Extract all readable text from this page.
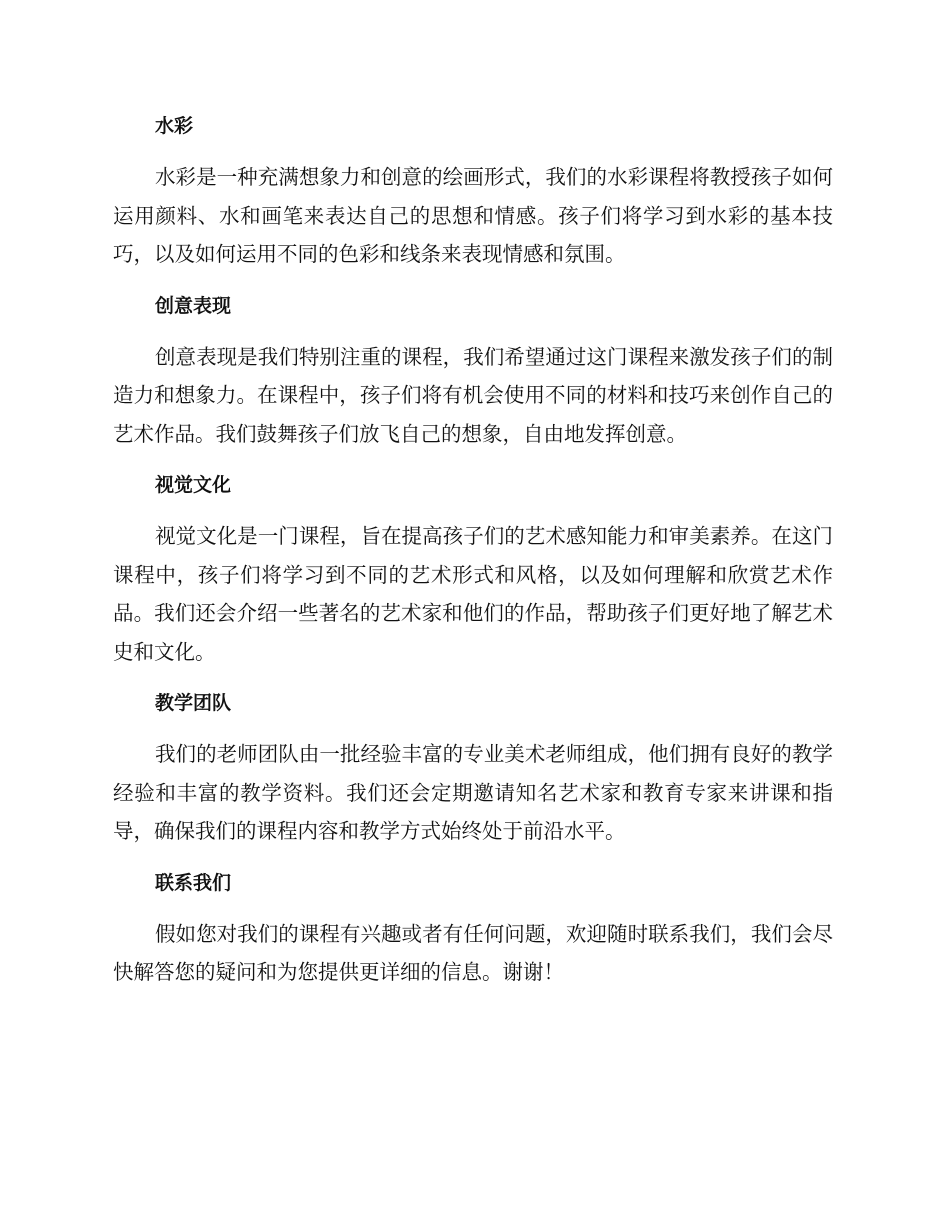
水彩

水彩是一种充满想象力和创意的绘画形式，我们的水彩课程将教授孩子如何运用颜料、水和画笔来表达自己的思想和情感。孩子们将学习到水彩的基本技巧，以及如何运用不同的色彩和线条来表现情感和氛围。

创意表现

创意表现是我们特别注重的课程，我们希望通过这门课程来激发孩子们的制造力和想象力。在课程中，孩子们将有机会使用不同的材料和技巧来创作自己的艺术作品。我们鼓舞孩子们放飞自己的想象，自由地发挥创意。

视觉文化

视觉文化是一门课程，旨在提高孩子们的艺术感知能力和审美素养。在这门课程中，孩子们将学习到不同的艺术形式和风格，以及如何理解和欣赏艺术作品。我们还会介绍一些著名的艺术家和他们的作品，帮助孩子们更好地了解艺术史和文化。

教学团队

我们的老师团队由一批经验丰富的专业美术老师组成，他们拥有良好的教学经验和丰富的教学资料。我们还会定期邀请知名艺术家和教育专家来讲课和指导，确保我们的课程内容和教学方式始终处于前沿水平。

联系我们

假如您对我们的课程有兴趣或者有任何问题，欢迎随时联系我们，我们会尽快解答您的疑问和为您提供更详细的信息。谢谢！
